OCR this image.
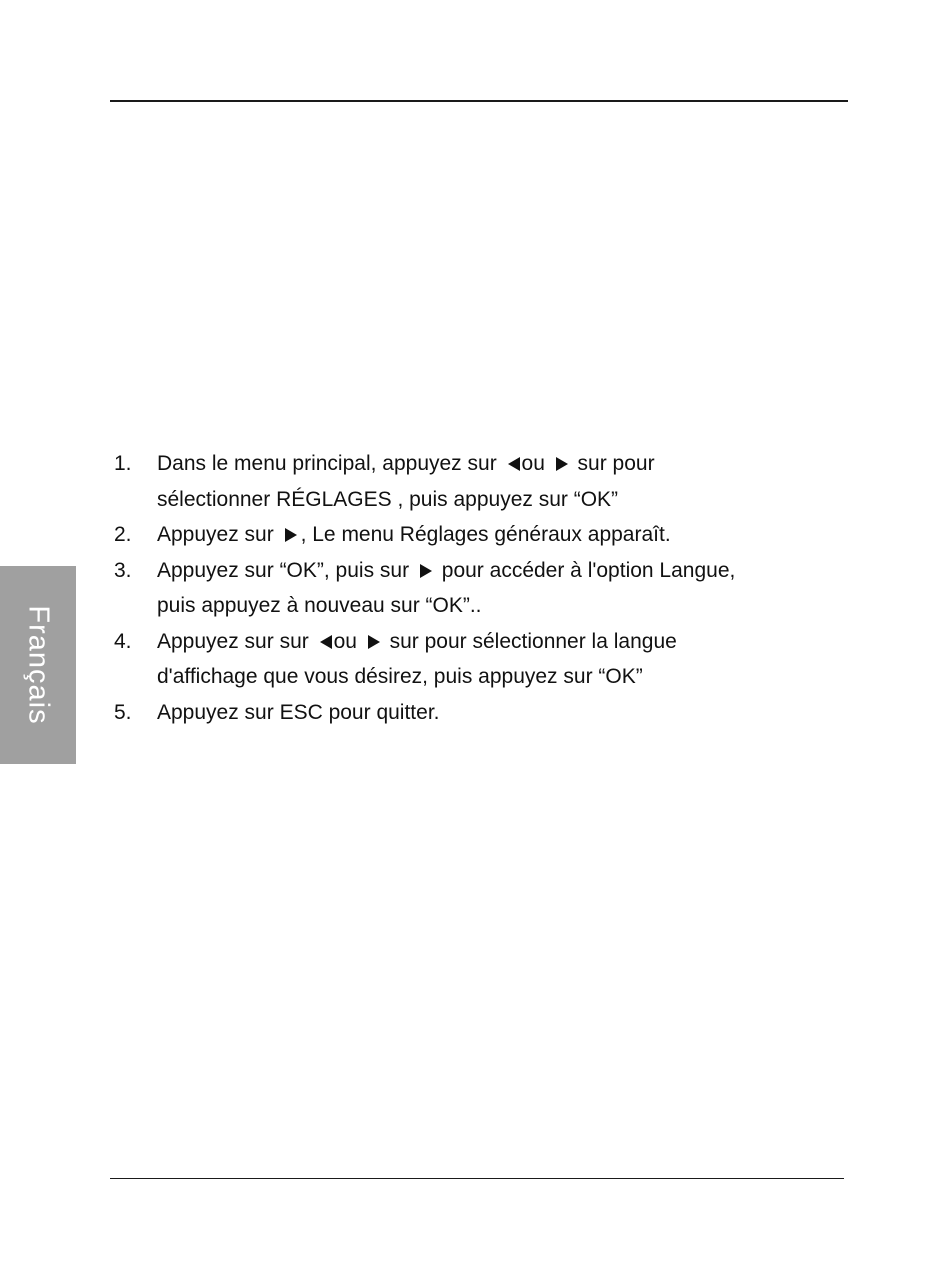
Français
1.	Dans le menu principal, appuyez sur ou  sur pour
sélectionner RÉGLAGES , puis appuyez sur “OK”
2.	Appuyez sur , Le menu Réglages généraux apparaît.
3.	Appuyez sur “OK”, puis sur  pour accéder à l'option Langue,
puis appuyez à nouveau sur “OK”..
4.	Appuyez sur sur ou  sur pour sélectionner la langue
d'affichage que vous désirez, puis appuyez sur “OK”
5.	Appuyez sur ESC pour quitter.
